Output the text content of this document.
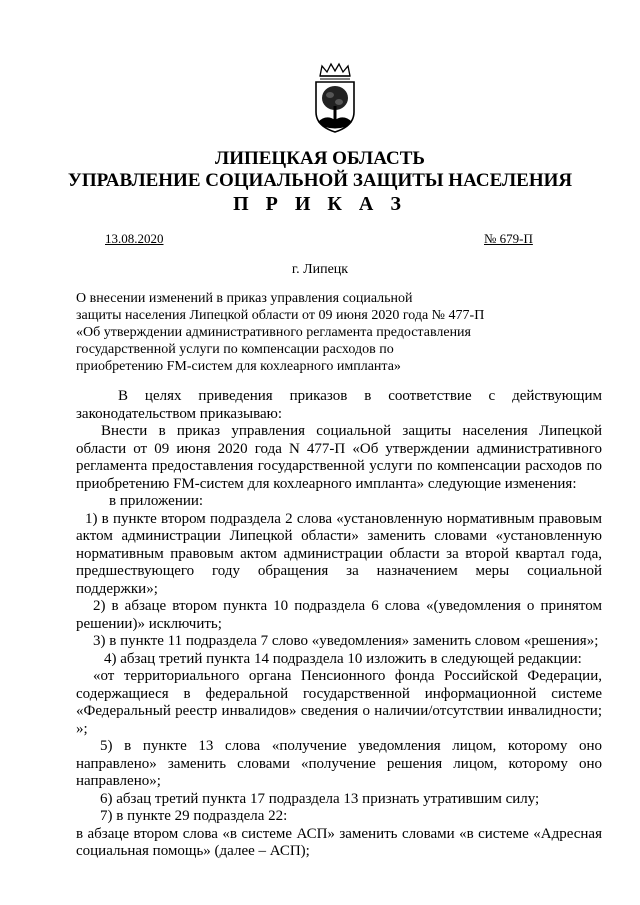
ЛИПЕЦКАЯ ОБЛАСТЬ
УПРАВЛЕНИЕ СОЦИАЛЬНОЙ ЗАЩИТЫ НАСЕЛЕНИЯ
П Р И К А З
13.08.2020	№ 679-П
г. Липецк
О внесении изменений в приказ управления социальной
защиты населения Липецкой области от 09 июня 2020 года № 477-П
«Об утверждении административного регламента предоставления
государственной услуги по компенсации расходов по
приобретению FM-систем для кохлеарного импланта»

В целях приведения приказов в соответствие с действующим законодательством приказываю:

Внести в приказ управления социальной защиты населения Липецкой области от 09 июня 2020 года N 477-П «Об утверждении административного регламента предоставления государственной услуги по компенсации расходов по приобретению FM-систем для кохлеарного импланта» следующие изменения:

в приложении:

1) в пункте втором подраздела 2 слова «установленную нормативным правовым актом администрации Липецкой области» заменить словами «установленную нормативным правовым актом администрации области за второй квартал года, предшествующего году обращения за назначением меры социальной поддержки»;

2) в абзаце втором пункта 10 подраздела 6 слова «(уведомления о принятом решении)» исключить;

3) в пункте 11 подраздела 7 слово «уведомления» заменить словом «решения»;

4) абзац третий пункта 14 подраздела 10 изложить в следующей редакции:

«от территориального органа Пенсионного фонда Российской Федерации, содержащиеся в федеральной государственной информационной системе «Федеральный реестр инвалидов» сведения о наличии/отсутствии инвалидности; »;

5) в пункте 13 слова «получение уведомления лицом, которому оно направлено» заменить словами «получение решения лицом, которому оно направлено»;

6) абзац третий пункта 17 подраздела 13 признать утратившим силу;

7) в пункте 29 подраздела 22:

в абзаце втором слова «в системе АСП» заменить словами «в системе «Адресная социальная помощь» (далее – АСП);
